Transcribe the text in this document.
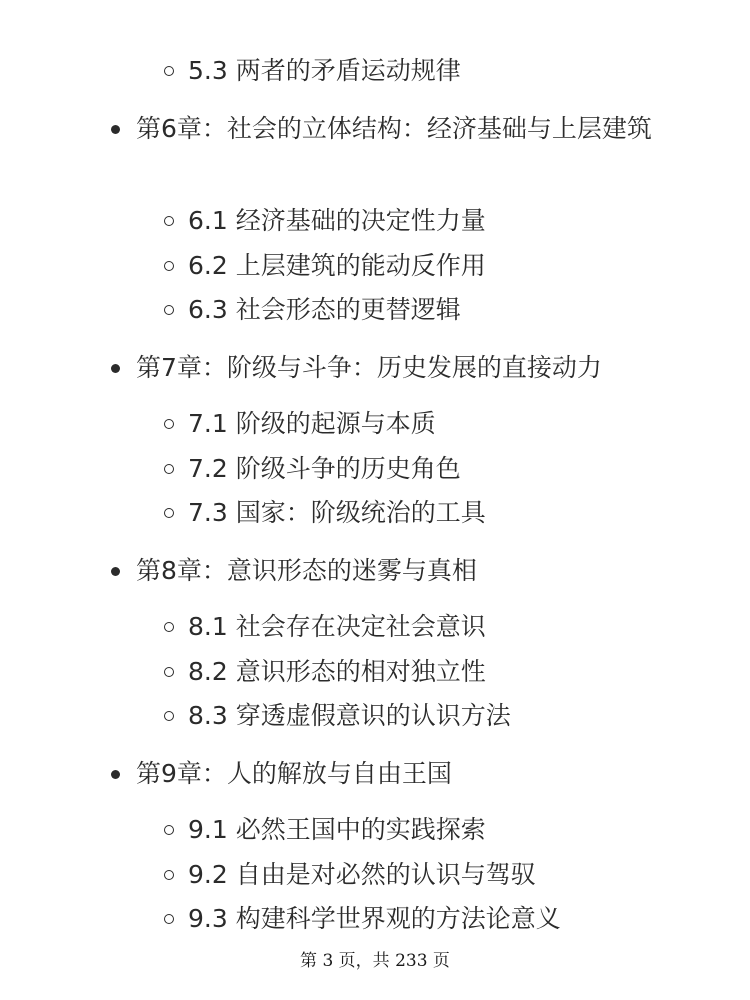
5.3 两者的矛盾运动规律
第6章：社会的立体结构：经济基础与上层建筑
6.1 经济基础的决定性力量
6.2 上层建筑的能动反作用
6.3 社会形态的更替逻辑
第7章：阶级与斗争：历史发展的直接动力
7.1 阶级的起源与本质
7.2 阶级斗争的历史角色
7.3 国家：阶级统治的工具
第8章：意识形态的迷雾与真相
8.1 社会存在决定社会意识
8.2 意识形态的相对独立性
8.3 穿透虚假意识的认识方法
第9章：人的解放与自由王国
9.1 必然王国中的实践探索
9.2 自由是对必然的认识与驾驭
9.3 构建科学世界观的方法论意义
第 3 页，共 233 页
